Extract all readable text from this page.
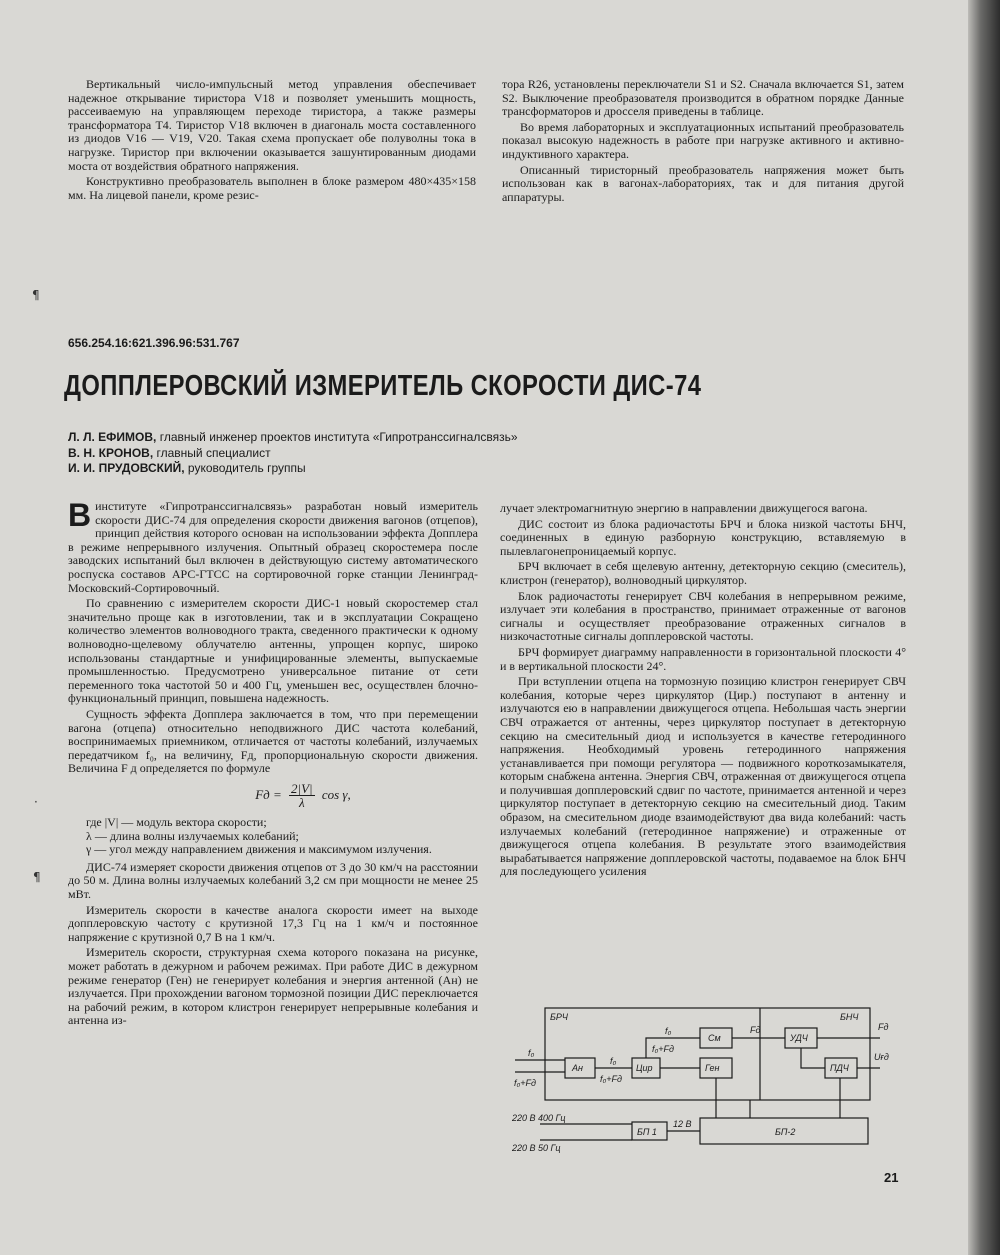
¶
·
¶

Вертикальный число-импульсный метод управления обеспечивает надежное открывание тиристора V18 и позволяет уменьшить мощность, рассеиваемую на управляющем переходе тиристора, а также размеры трансформатора Т4. Тиристор V18 включен в диагональ моста составленного из диодов V16 — V19, V20. Такая схема пропускает обе полуволны тока в нагрузке. Тиристор при включении оказывается зашунтированным диодами моста от воздействия обратного напряжения.

Конструктивно преобразователь выполнен в блоке размером 480×435×158 мм. На лицевой панели, кроме резис-

тора R26, установлены переключатели S1 и S2. Сначала включается S1, затем S2. Выключение преобразователя производится в обратном порядке Данные трансформаторов и дросселя приведены в таблице.

Во время лабораторных и эксплуатационных испытаний преобразователь показал высокую надежность в работе при нагрузке активного и активно-индуктивного характера.

Описанный тиристорный преобразователь напряжения может быть использован как в вагонах-лабораториях, так и для питания другой аппаратуры.

656.254.16:621.396.96:531.767
ДОППЛЕРОВСКИЙ ИЗМЕРИТЕЛЬ СКОРОСТИ ДИС-74
Л. Л. ЕФИМОВ, главный инженер проектов института «Гипротранссигналсвязь»
В. Н. КРОНОВ, главный специалист
И. И. ПРУДОВСКИЙ, руководитель группы

Винституте «Гипротранссигналсвязь» разработан новый измеритель скорости ДИС-74 для определения скорости движения вагонов (отцепов), принцип действия которого основан на использовании эффекта Допплера в режиме непрерывного излучения. Опытный образец скоростемера после заводских испытаний был включен в действующую систему автоматического роспуска составов АРС-ГТСС на сортировочной горке станции Ленинград-Московский-Сортировочный.

По сравнению с измерителем скорости ДИС-1 новый скоростемер стал значительно проще как в изготовлении, так и в эксплуатации Сокращено количество элементов волноводного тракта, сведенного практически к одному волноводно-щелевому облучателю антенны, упрощен корпус, широко использованы стандартные и унифицированные элементы, выпускаемые промышленностью. Предусмотрено универсальное питание от сети переменного тока частотой 50 и 400 Гц, уменьшен вес, осуществлен блочно-функциональный принцип, повышена надежность.

Сущность эффекта Допплера заключается в том, что при перемещении вагона (отцепа) относительно неподвижного ДИС частота колебаний, воспринимаемых приемником, отличается от частоты колебаний, излучаемых передатчиком f₀, на величину, Fд, пропорциональную скорости движения. Величина F д определяется по формуле

Fд = $\frac{2|V|}{\lambda}$ cos γ,
где |V| — модуль вектора скорости;
λ — длина волны излучаемых колебаний;
γ — угол между направлением движения и максимумом излучения.

ДИС-74 измеряет скорости движения отцепов от 3 до 30 км/ч на расстоянии до 50 м. Длина волны излучаемых колебаний 3,2 см при мощности не менее 25 мВт.

Измеритель скорости в качестве аналога скорости имеет на выходе допплеровскую частоту с крутизной 17,3 Гц на 1 км/ч и постоянное напряжение с крутизной 0,7 В на 1 км/ч.

Измеритель скорости, структурная схема которого показана на рисунке, может работать в дежурном и рабочем режимах. При работе ДИС в дежурном режиме генератор (Ген) не генерирует колебания и энергия антенной (Ан) не излучается. При прохождении вагоном тормозной позиции ДИС переключается на рабочий режим, в котором клистрон генерирует непрерывные колебания и антенна из-

лучает электромагнитную энергию в направлении движущегося вагона.

ДИС состоит из блока радиочастоты БРЧ и блока низкой частоты БНЧ, соединенных в единую разборную конструкцию, вставляемую в пылевлагонепроницаемый корпус.

БРЧ включает в себя щелевую антенну, детекторную секцию (смеситель), клистрон (генератор), волноводный циркулятор.

Блок радиочастоты генерирует СВЧ колебания в непрерывном режиме, излучает эти колебания в пространство, принимает отраженные от вагонов сигналы и осуществляет преобразование отраженных сигналов в низкочастотные сигналы допплеровской частоты.

БРЧ формирует диаграмму направленности в горизонтальной плоскости 4° и в вертикальной плоскости 24°.

При вступлении отцепа на тормозную позицию клистрон генерирует СВЧ колебания, которые через циркулятор (Цир.) поступают в антенну и излучаются ею в направлении движущегося отцепа. Небольшая часть энергии СВЧ отражается от антенны, через циркулятор поступает в детекторную секцию на смесительный диод и используется в качестве гетеродинного напряжения. Необходимый уровень гетеродинного напряжения устанавливается при помощи регулятора — подвижного короткозамыкателя, которым снабжена антенна. Энергия СВЧ, отраженная от движущегося отцепа и получившая допплеровский сдвиг по частоте, принимается антенной и через циркулятор поступает в детекторную секцию на смесительный диод. Таким образом, на смесительном диоде взаимодействуют два вида колебаний: часть излучаемых колебаний (гетеродинное напряжение) и отраженные от движущегося отцепа колебания. В результате этого взаимодействия вырабатывается напряжение допплеровской частоты, подаваемое на блок БНЧ для последующего усиления

БРЧ	БНЧ
Ан	Цир
См
Ген
УДЧ
ПДЧ
БП 1	БП-2
f₀
f₀+Fд
f₀
f₀+Fд
f₀
f₀+Fд
Fд	Fд
Uғд
12 В
220 В 400 Гц
220 В 50 Гц
21
